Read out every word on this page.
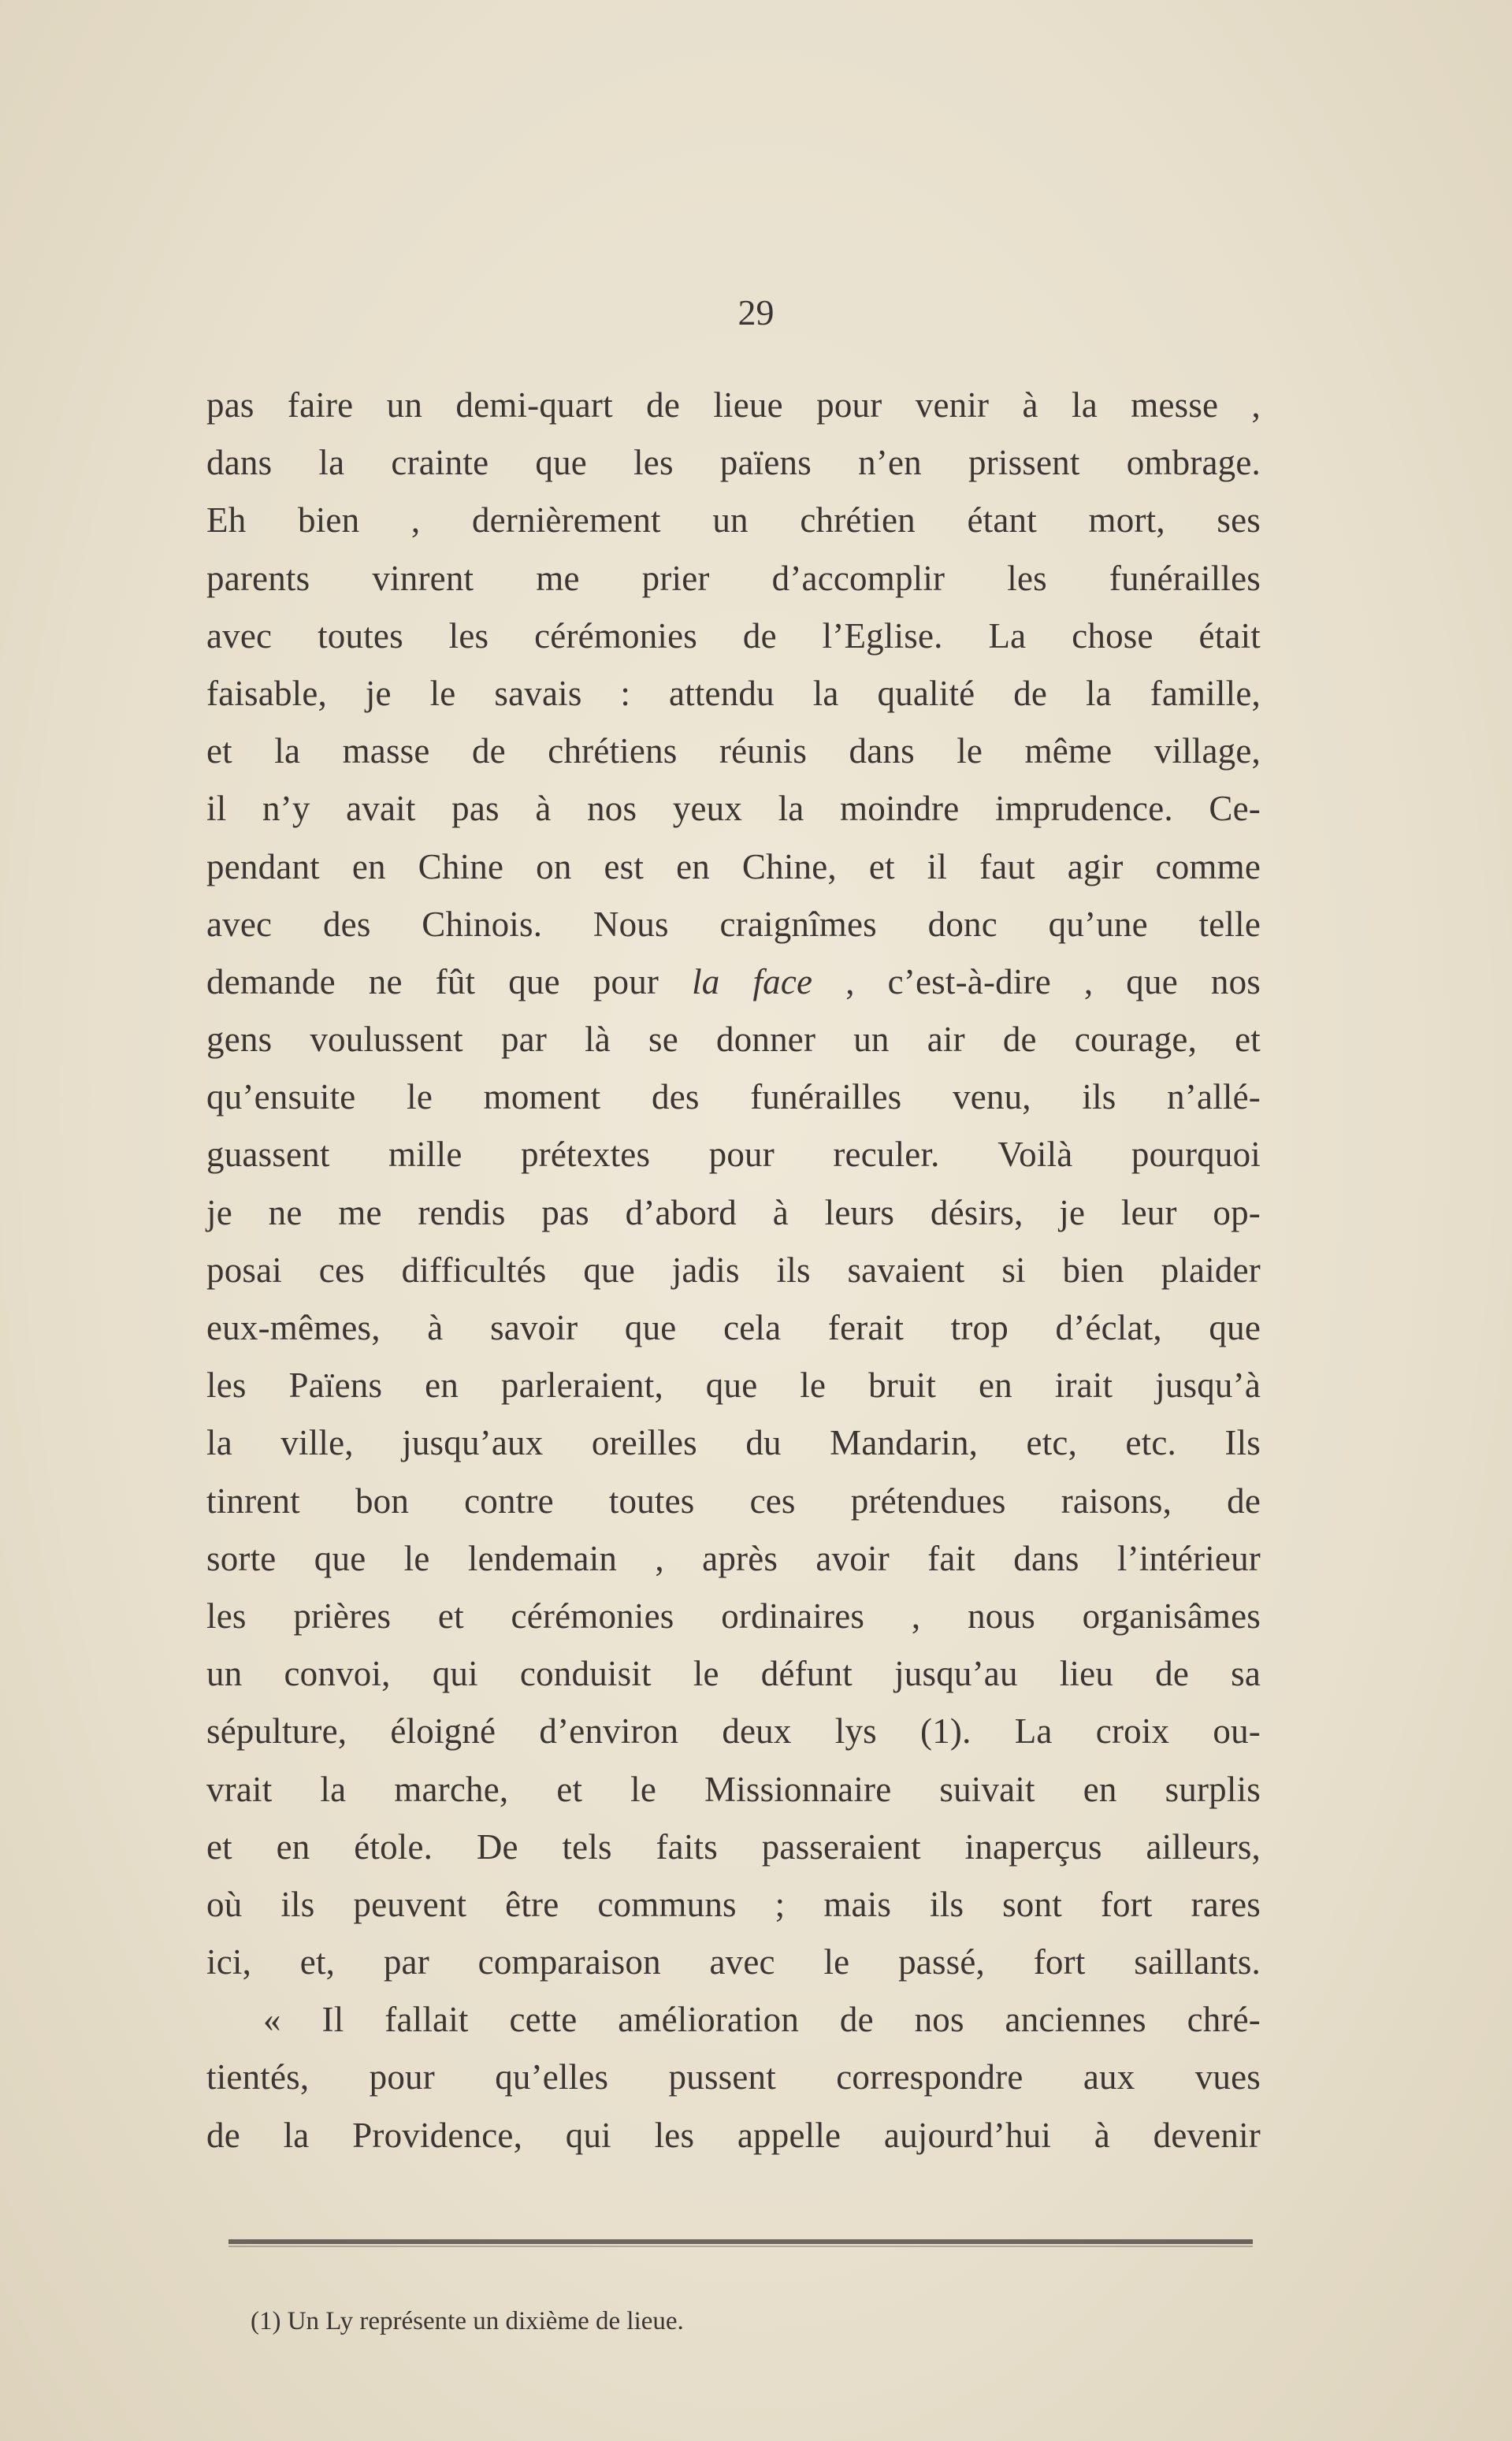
29

pas faire un demi-quart de lieue pour venir à la messe ,
dans la crainte que les païens n’en prissent ombrage.
Eh bien , dernièrement un chrétien étant mort, ses
parents vinrent me prier d’accomplir les funérailles
avec toutes les cérémonies de l’Eglise. La chose était
faisable, je le savais : attendu la qualité de la famille,
et la masse de chrétiens réunis dans le même village,
il n’y avait pas à nos yeux la moindre imprudence. Ce-
pendant en Chine on est en Chine, et il faut agir comme
avec des Chinois. Nous craignîmes donc qu’une telle
demande ne fût que pour la face , c’est-à-dire , que nos
gens voulussent par là se donner un air de courage, et
qu’ensuite le moment des funérailles venu, ils n’allé-
guassent mille prétextes pour reculer. Voilà pourquoi
je ne me rendis pas d’abord à leurs désirs, je leur op-
posai ces difficultés que jadis ils savaient si bien plaider
eux-mêmes, à savoir que cela ferait trop d’éclat, que
les Païens en parleraient, que le bruit en irait jusqu’à
la ville, jusqu’aux oreilles du Mandarin, etc, etc. Ils
tinrent bon contre toutes ces prétendues raisons, de
sorte que le lendemain , après avoir fait dans l’intérieur
les prières et cérémonies ordinaires , nous organisâmes
un convoi, qui conduisit le défunt jusqu’au lieu de sa
sépulture, éloigné d’environ deux lys (1). La croix ou-
vrait la marche, et le Missionnaire suivait en surplis
et en étole. De tels faits passeraient inaperçus ailleurs,
où ils peuvent être communs ; mais ils sont fort rares
ici, et, par comparaison avec le passé, fort saillants.
« Il fallait cette amélioration de nos anciennes chré-
tientés, pour qu’elles pussent correspondre aux vues
de la Providence, qui les appelle aujourd’hui à devenir

(1) Un Ly représente un dixième de lieue.
